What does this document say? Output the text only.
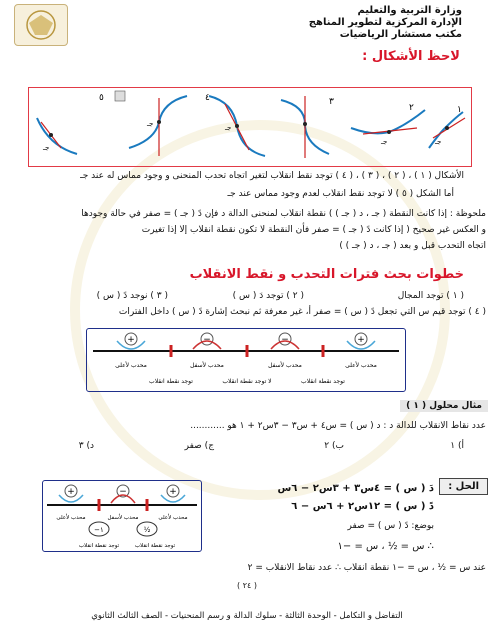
وزارة التربية والتعليم
الإدارة المركزية لتطوير المناهج
مكتب مستشار الرياضيات
لاحظ الأشكال :
٥
جـ
جـ
٤
جـ
٣
٢
جـ
١
جـ
الأشكال ( ١ ) ، ( ٢ ) ، ( ٣ ) ، ( ٤ ) توجد نقط انقلاب لتغير اتجاه تحدب المنحنى و وجود مماس له عند جـ
أما الشكل ( ٥ ) لا توجد نقط انقلاب لعدم وجود مماس عند جـ
ملحوظة : إذا كانت النقطة ( جـ ، د ( جـ ) ) نقطة انقلاب لمنحنى الدالة د فإن دً ( جـ ) = صفر في حالة وجودها
و العكس غير صحيح ( إذا كانت دً ( جـ ) = صفر فأن النقطة لا تكون نقطة انقلاب إلا إذا تغيرت
اتجاه التحدب قبل و بعد ( جـ ، د ( جـ ) )
خطوات بحث فترات التحدب و نقط الانقلاب
( ١ ) توجد المجال
( ٢ ) توجد دَ ( س )
( ٣ ) نوجد دً ( س )
( ٤ ) توجد قيم س التي تجعل دً ( س ) = صفر أ، غير معرفة ثم نبحث إشارة دً ( س ) داخل الفترات
+	−	−	+
محدب لأعلى	محدب لأسفل	محدب لأسفل	محدب لأعلى
توجد نقطة انقلاب	لا توجد نقطة انقلاب	توجد نقطة انقلاب
مثال محلول ( ١ )
عدد نقاط الانقلاب للدالة د : د ( س ) = س٤ + س٣ − ٣س٢ + ١ هو ............
أ) ١
ب) ٢
ج) صفر
د) ٣
الحل :
دَ ( س ) = ٤س٣ + ٣س٢ − ٦س
دً ( س ) = ١٢س٢ + ٦س − ٦
بوضع: دً ( س ) = صفر
∴ س = ½ ، س = −١
عند س = ½ ، س = −١ نقطة انقلاب ∴ عدد نقاط الانقلاب = ٢
+	−	+
محدب لأعلى	محدب لأسفل	محدب لأعلى
−١	½
توجد نقطة انقلاب	توجد نقطة انقلاب
( ٢٤ )
التفاضل و التكامل - الوحدة الثالثة - سلوك الدالة و رسم المنحنيات - الصف الثالث الثانوي
